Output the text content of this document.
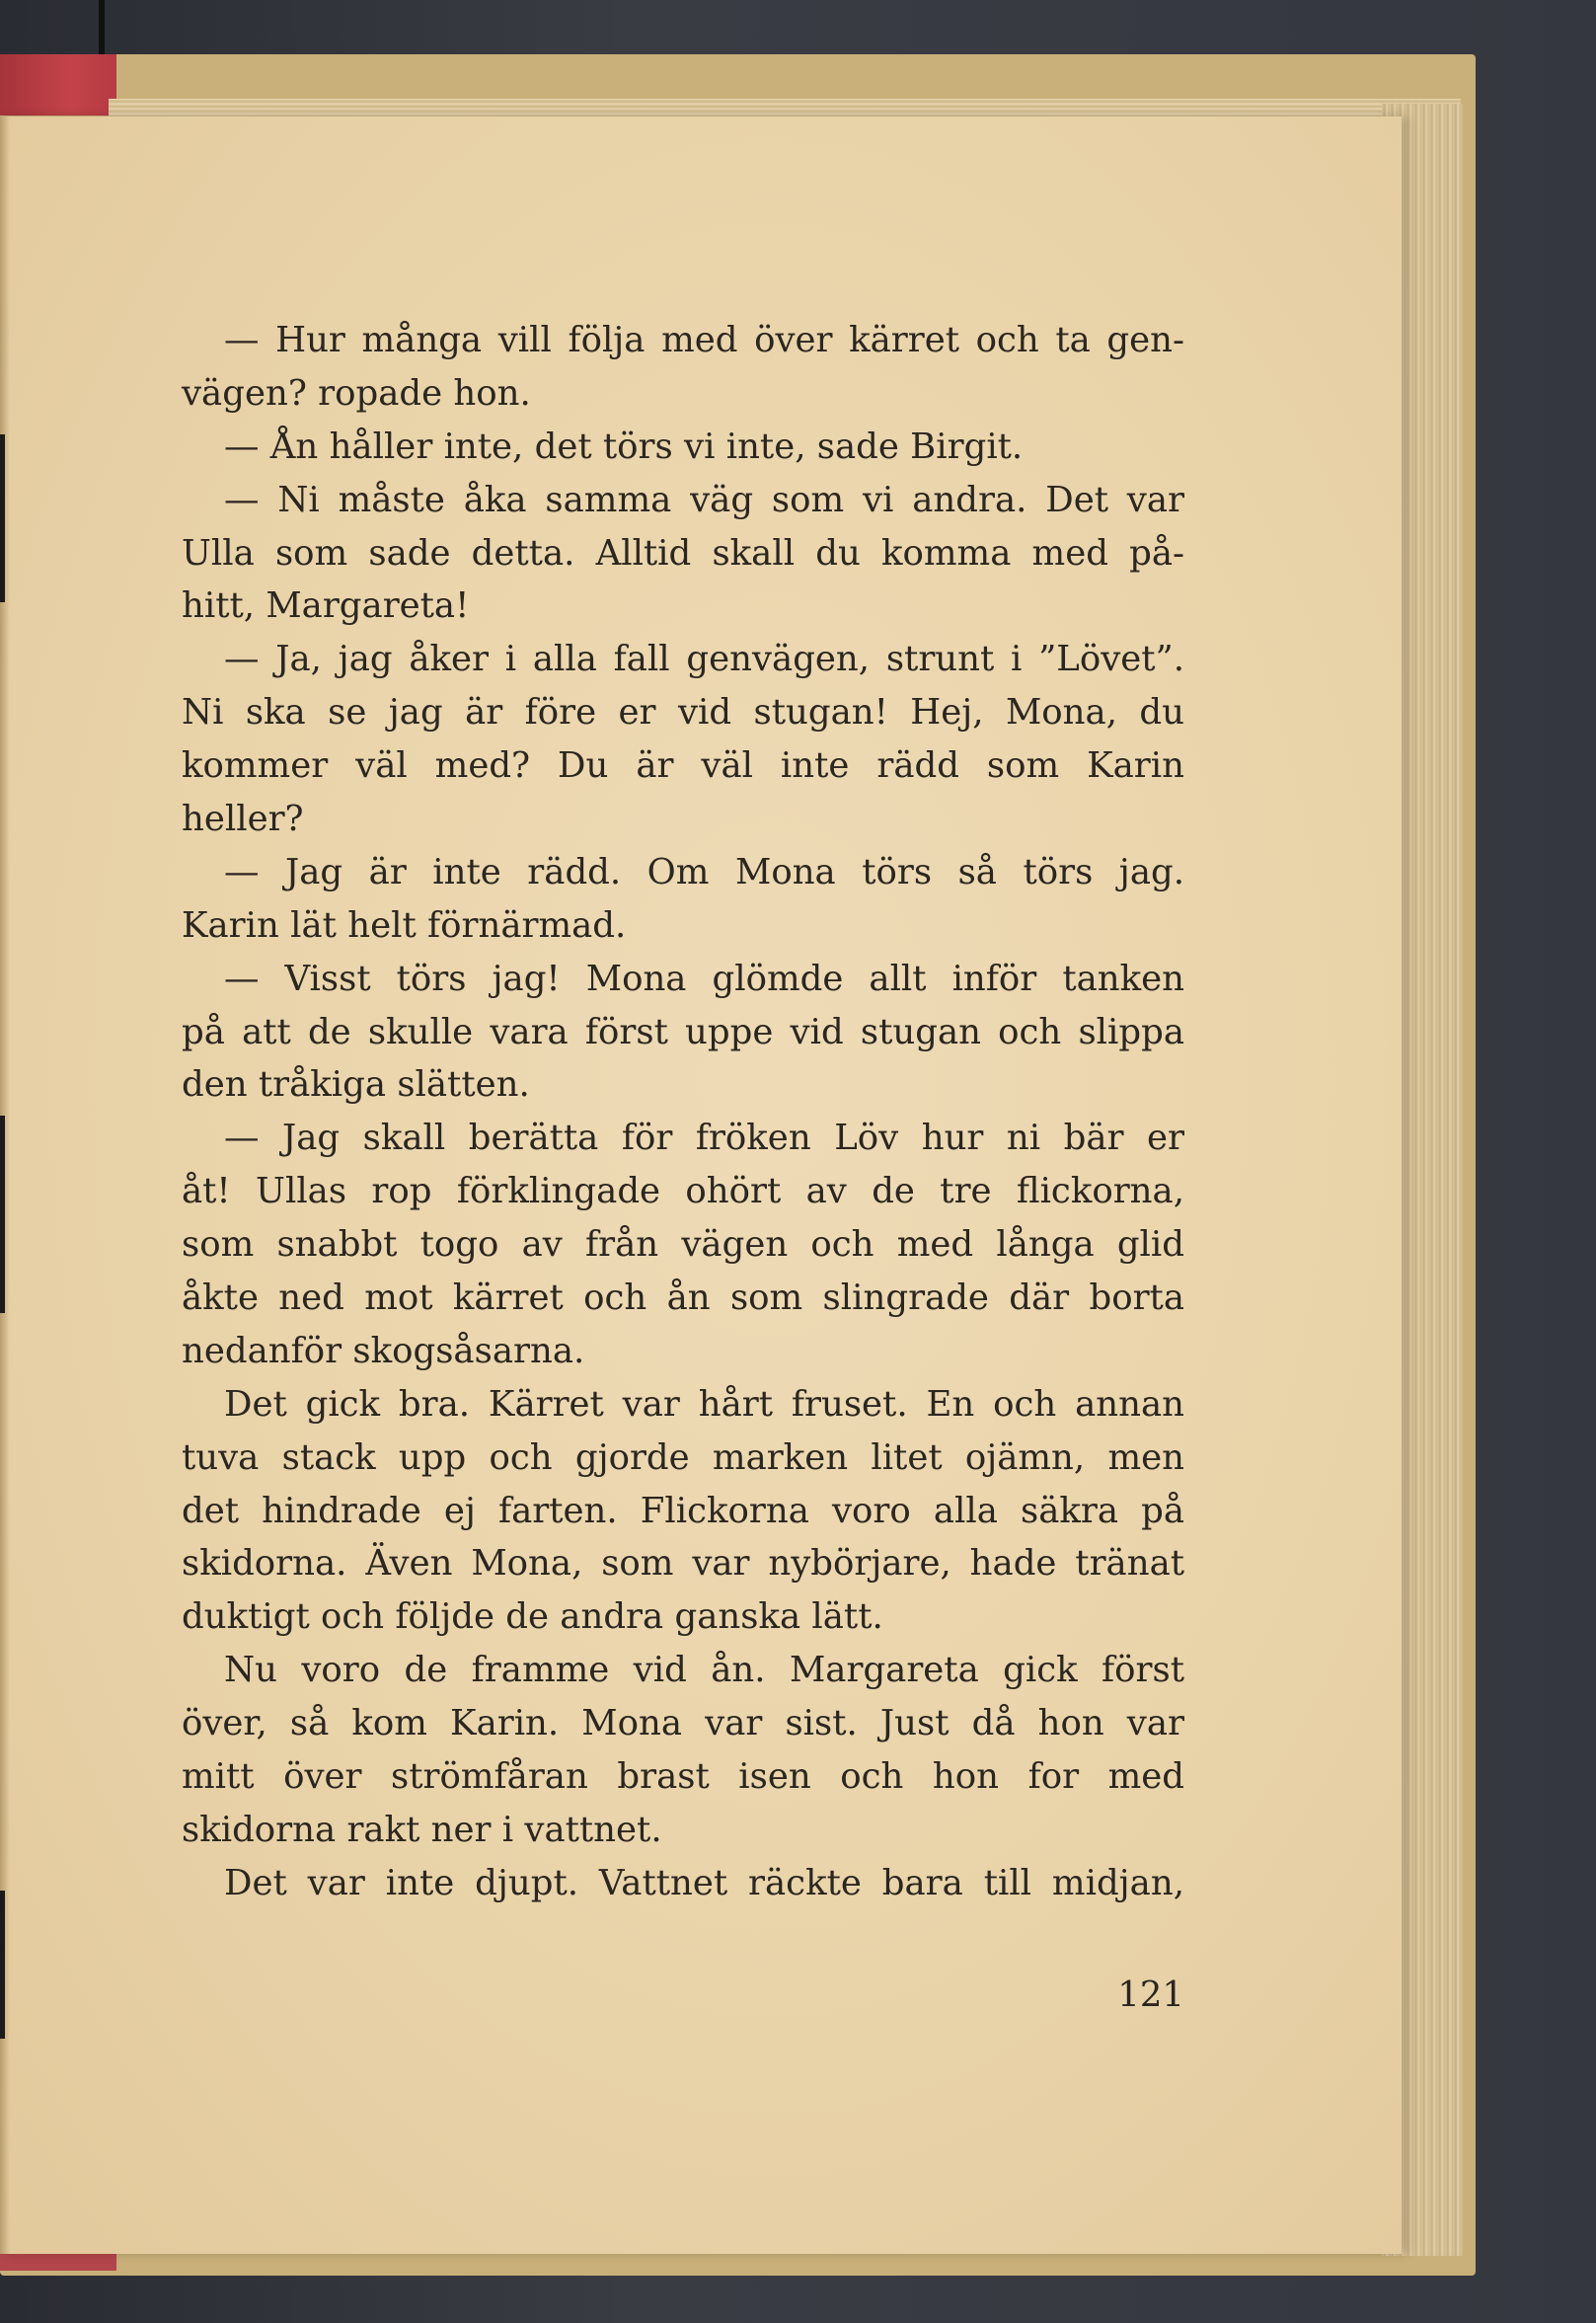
— Hur många vill följa med över kärret och ta gen-
vägen? ropade hon.
— Ån håller inte, det törs vi inte, sade Birgit.
— Ni måste åka samma väg som vi andra. Det var
Ulla som sade detta. Alltid skall du komma med på-
hitt, Margareta!
— Ja, jag åker i alla fall genvägen, strunt i ”Lövet”.
Ni ska se jag är före er vid stugan! Hej, Mona, du
kommer väl med? Du är väl inte rädd som Karin
heller?
— Jag är inte rädd. Om Mona törs så törs jag.
Karin lät helt förnärmad.
— Visst törs jag! Mona glömde allt inför tanken
på att de skulle vara först uppe vid stugan och slippa
den tråkiga slätten.
— Jag skall berätta för fröken Löv hur ni bär er
åt! Ullas rop förklingade ohört av de tre flickorna,
som snabbt togo av från vägen och med långa glid
åkte ned mot kärret och ån som slingrade där borta
nedanför skogsåsarna.
Det gick bra. Kärret var hårt fruset. En och annan
tuva stack upp och gjorde marken litet ojämn, men
det hindrade ej farten. Flickorna voro alla säkra på
skidorna. Även Mona, som var nybörjare, hade tränat
duktigt och följde de andra ganska lätt.
Nu voro de framme vid ån. Margareta gick först
över, så kom Karin. Mona var sist. Just då hon var
mitt över strömfåran brast isen och hon for med
skidorna rakt ner i vattnet.
Det var inte djupt. Vattnet räckte bara till midjan,
121
